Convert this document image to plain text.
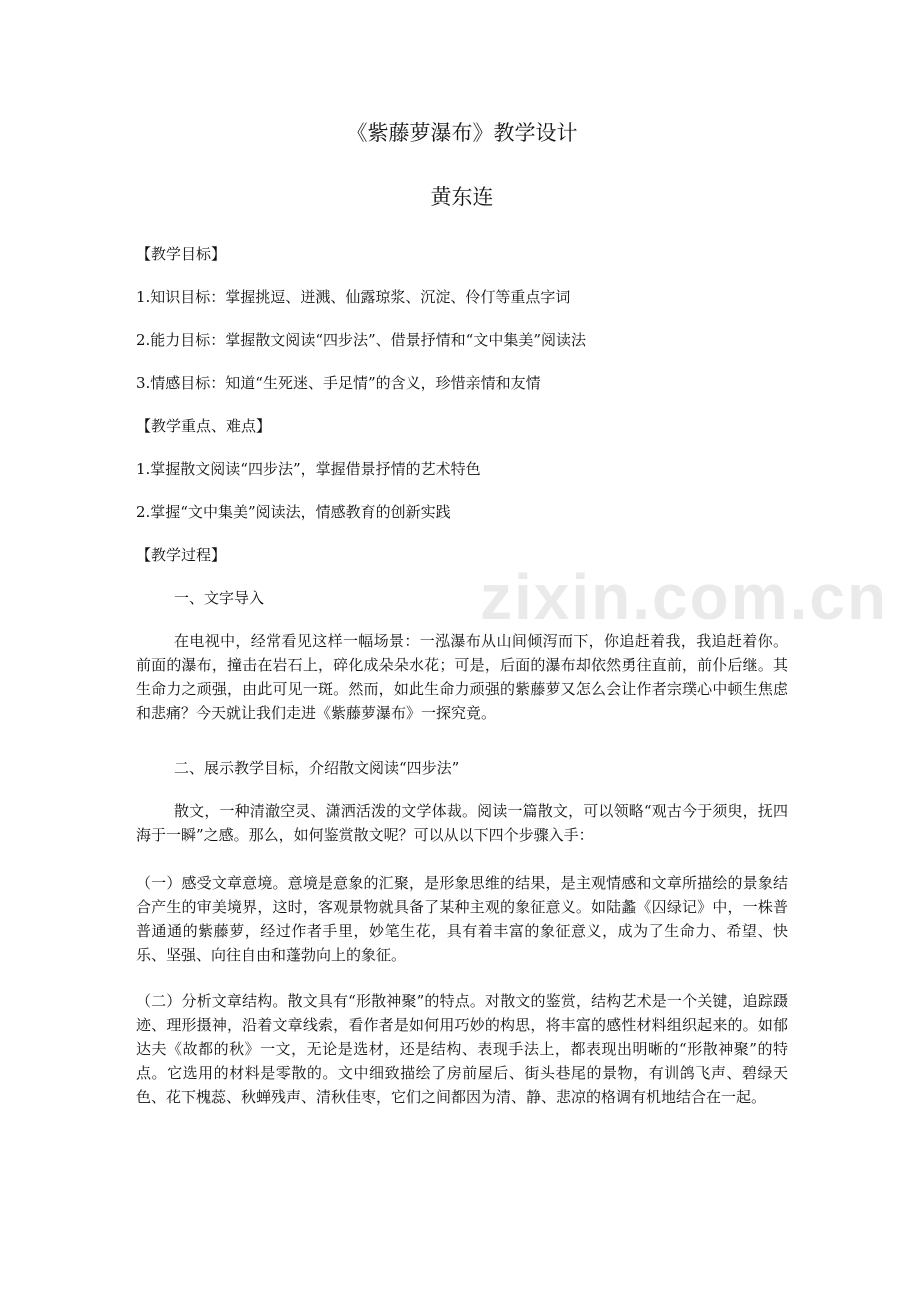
zixin.com.cn
《紫藤萝瀑布》教学设计
黄东连
【教学目标】
1.知识目标：掌握挑逗、迸溅、仙露琼浆、沉淀、伶仃等重点字词
2.能力目标：掌握散文阅读“四步法”、借景抒情和“文中集美”阅读法
3.情感目标：知道“生死迷、手足情”的含义，珍惜亲情和友情
【教学重点、难点】
1.掌握散文阅读“四步法”，掌握借景抒情的艺术特色
2.掌握“文中集美”阅读法，情感教育的创新实践
【教学过程】
一、文字导入
在电视中，经常看见这样一幅场景：一泓瀑布从山间倾泻而下，你追赶着我，我追赶着你。前面的瀑布，撞击在岩石上，碎化成朵朵水花；可是，后面的瀑布却依然勇往直前，前仆后继。其生命力之顽强，由此可见一斑。然而，如此生命力顽强的紫藤萝又怎么会让作者宗璞心中顿生焦虑和悲痛？今天就让我们走进《紫藤萝瀑布》一探究竟。
二、展示教学目标，介绍散文阅读“四步法”
散文，一种清澈空灵、潇洒活泼的文学体裁。阅读一篇散文，可以领略“观古今于须臾，抚四海于一瞬”之感。那么，如何鉴赏散文呢？可以从以下四个步骤入手：
（一）感受文章意境。意境是意象的汇聚，是形象思维的结果，是主观情感和文章所描绘的景象结合产生的审美境界，这时，客观景物就具备了某种主观的象征意义。如陆蠡《囚绿记》中，一株普普通通的紫藤萝，经过作者手里，妙笔生花，具有着丰富的象征意义，成为了生命力、希望、快乐、坚强、向往自由和蓬勃向上的象征。
（二）分析文章结构。散文具有“形散神聚”的特点。对散文的鉴赏，结构艺术是一个关键，追踪蹑迹、理形摄神，沿着文章线索，看作者是如何用巧妙的构思，将丰富的感性材料组织起来的。如郁达夫《故都的秋》一文，无论是选材，还是结构、表现手法上，都表现出明晰的“形散神聚”的特点。它选用的材料是零散的。文中细致描绘了房前屋后、街头巷尾的景物，有训鸽飞声、碧绿天色、花下槐蕊、秋蝉残声、清秋佳枣，它们之间都因为清、静、悲凉的格调有机地结合在一起。
